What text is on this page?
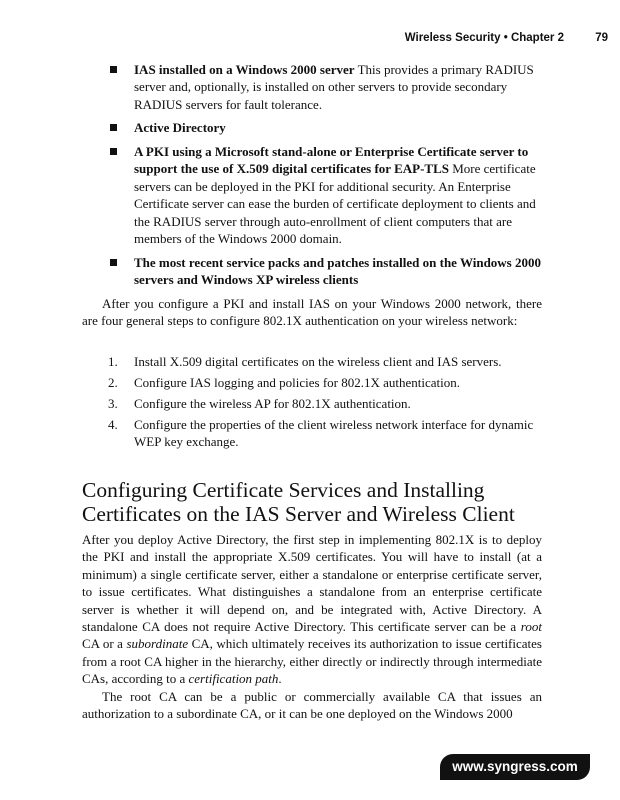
Wireless Security • Chapter 2	79
IAS installed on a Windows 2000 server This provides a primary RADIUS server and, optionally, is installed on other servers to provide secondary RADIUS servers for fault tolerance.
Active Directory
A PKI using a Microsoft stand-alone or Enterprise Certificate server to support the use of X.509 digital certificates for EAP-TLS More certificate servers can be deployed in the PKI for additional security. An Enterprise Certificate server can ease the burden of certificate deployment to clients and the RADIUS server through auto-enrollment of client computers that are members of the Windows 2000 domain.
The most recent service packs and patches installed on the Windows 2000 servers and Windows XP wireless clients

After you configure a PKI and install IAS on your Windows 2000 network, there are four general steps to configure 802.1X authentication on your wireless network:

1. Install X.509 digital certificates on the wireless client and IAS servers.
2. Configure IAS logging and policies for 802.1X authentication.
3. Configure the wireless AP for 802.1X authentication.
4. Configure the properties of the client wireless network interface for dynamic WEP key exchange.
Configuring Certificate Services and Installing Certificates on the IAS Server and Wireless Client

After you deploy Active Directory, the first step in implementing 802.1X is to deploy the PKI and install the appropriate X.509 certificates. You will have to install (at a minimum) a single certificate server, either a standalone or enterprise certificate server, to issue certificates. What distinguishes a standalone from an enterprise certificate server is whether it will depend on, and be integrated with, Active Directory. A standalone CA does not require Active Directory. This certificate server can be a root CA or a subordinate CA, which ultimately receives its authorization to issue certificates from a root CA higher in the hierarchy, either directly or indirectly through intermediate CAs, according to a certification path.

The root CA can be a public or commercially available CA that issues an authorization to a subordinate CA, or it can be one deployed on the Windows 2000

www.syngress.com
